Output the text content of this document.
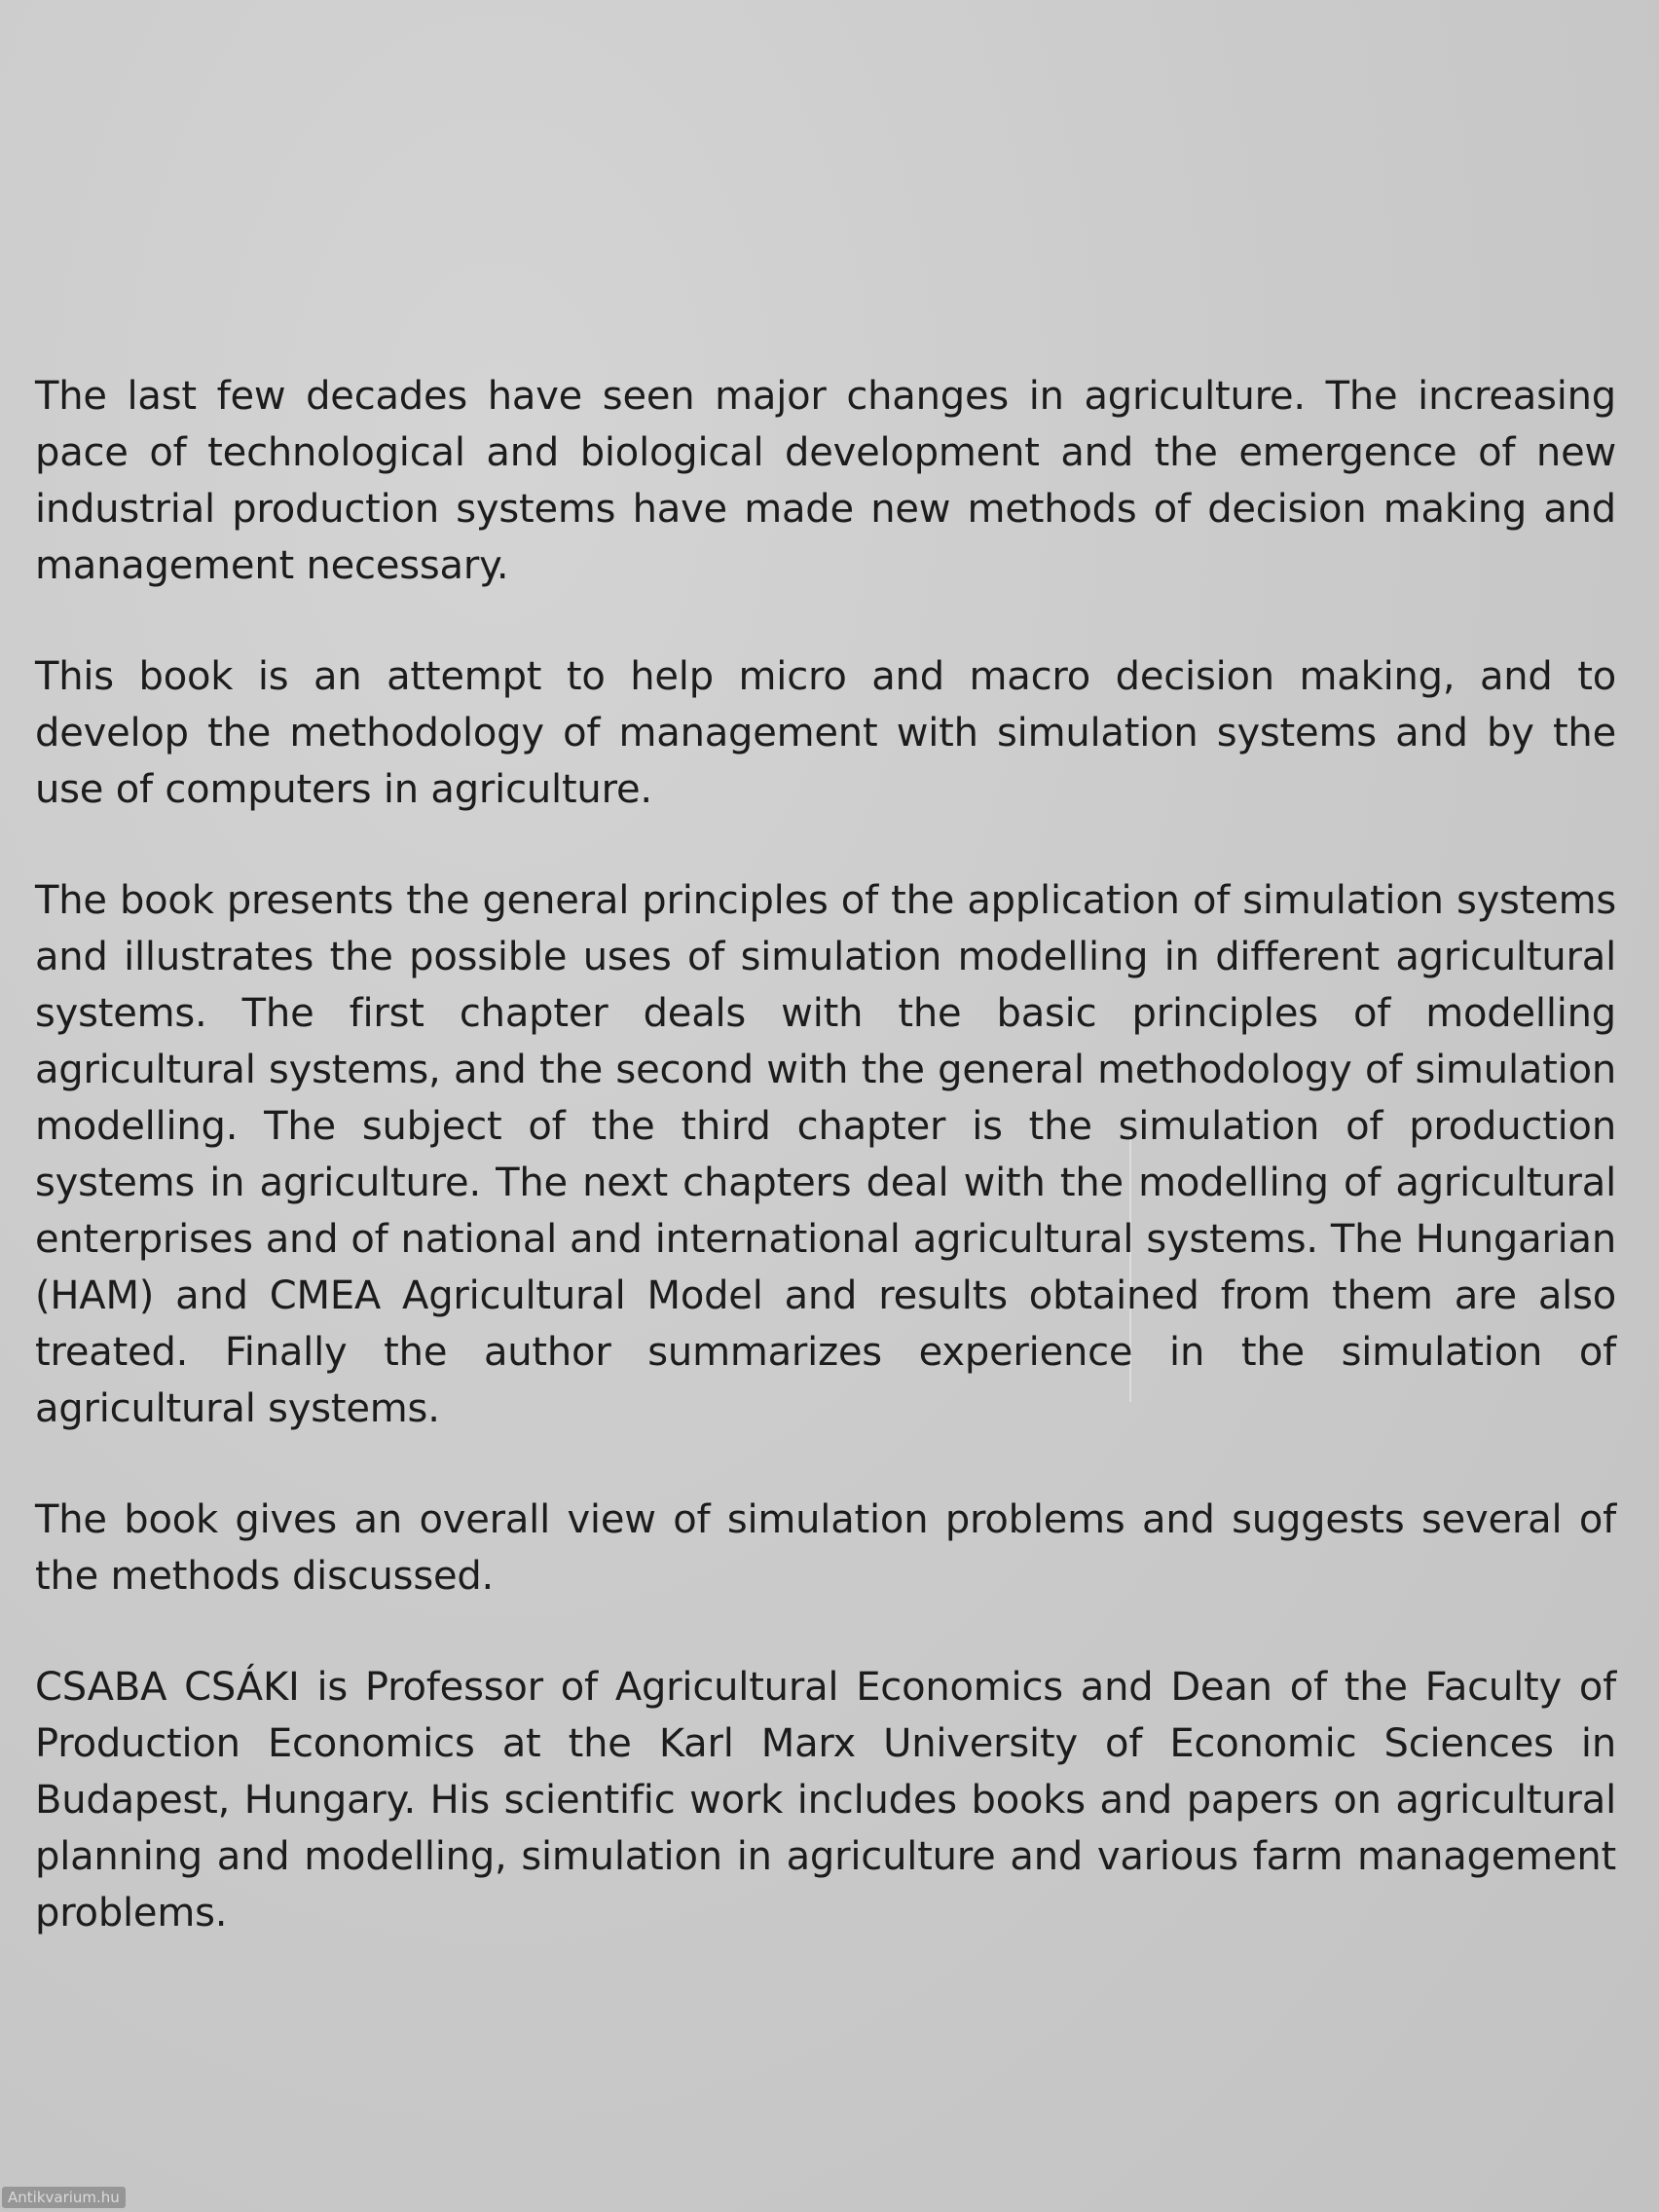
The last few decades have seen major changes in agriculture. The increasing pace of technological and biological development and the emergence of new industrial production systems have made new methods of decision making and management necessary.

This book is an attempt to help micro and macro decision making, and to develop the methodology of management with simulation systems and by the use of computers in agriculture.

The book presents the general principles of the application of simulation systems and illustrates the possible uses of simulation modelling in different agricultural systems. The first chapter deals with the basic principles of modelling agricultural systems, and the second with the general methodology of simulation modelling. The subject of the third chapter is the simulation of production systems in agriculture. The next chapters deal with the modelling of agricultural enterprises and of national and international agricultural systems. The Hungarian (HAM) and CMEA Agricultural Model and results obtained from them are also treated. Finally the author summarizes experience in the simulation of agricultural systems.

The book gives an overall view of simulation problems and suggests several of the methods discussed.

CSABA CSÁKI is Professor of Agricultural Economics and Dean of the Faculty of Production Economics at the Karl Marx University of Economic Sciences in Budapest, Hungary. His scientific work includes books and papers on agricultural planning and modelling, simulation in agriculture and various farm management problems.

Antikvarium.hu
